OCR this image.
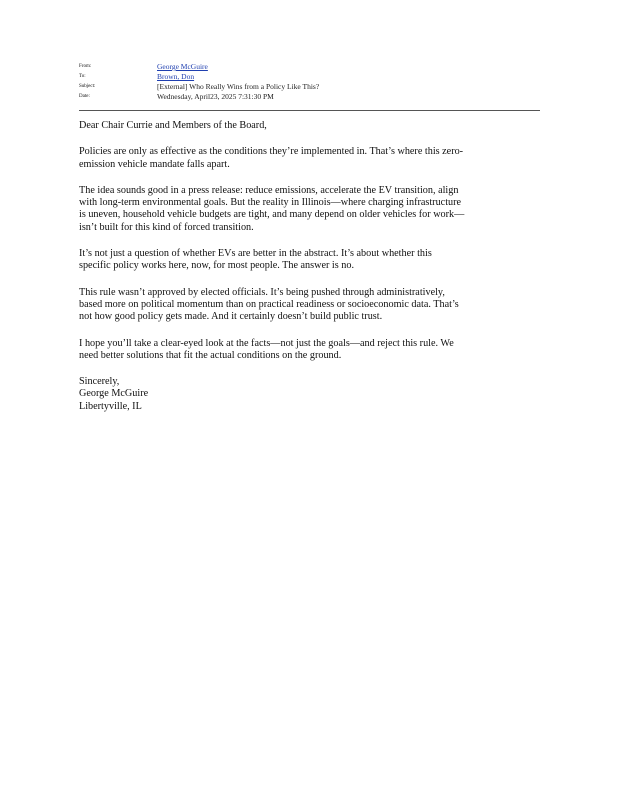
From:	George McGuire
To:	Brown, Don
Subject:	[External] Who Really Wins from a Policy Like This?
Date:	Wednesday, April23, 2025 7:31:30 PM

Dear Chair Currie and Members of the Board,

Policies are only as effective as the conditions they’re implemented in. That’s where this zero-
emission vehicle mandate falls apart.

The idea sounds good in a press release: reduce emissions, accelerate the EV transition, align
with long-term environmental goals. But the reality in Illinois—where charging infrastructure
is uneven, household vehicle budgets are tight, and many depend on older vehicles for work—
isn’t built for this kind of forced transition.

It’s not just a question of whether EVs are better in the abstract. It’s about whether this
specific policy works here, now, for most people. The answer is no.

This rule wasn’t approved by elected officials. It’s being pushed through administratively,
based more on political momentum than on practical readiness or socioeconomic data. That’s
not how good policy gets made. And it certainly doesn’t build public trust.

I hope you’ll take a clear-eyed look at the facts—not just the goals—and reject this rule. We
need better solutions that fit the actual conditions on the ground.

Sincerely,
George McGuire
Libertyville, IL
